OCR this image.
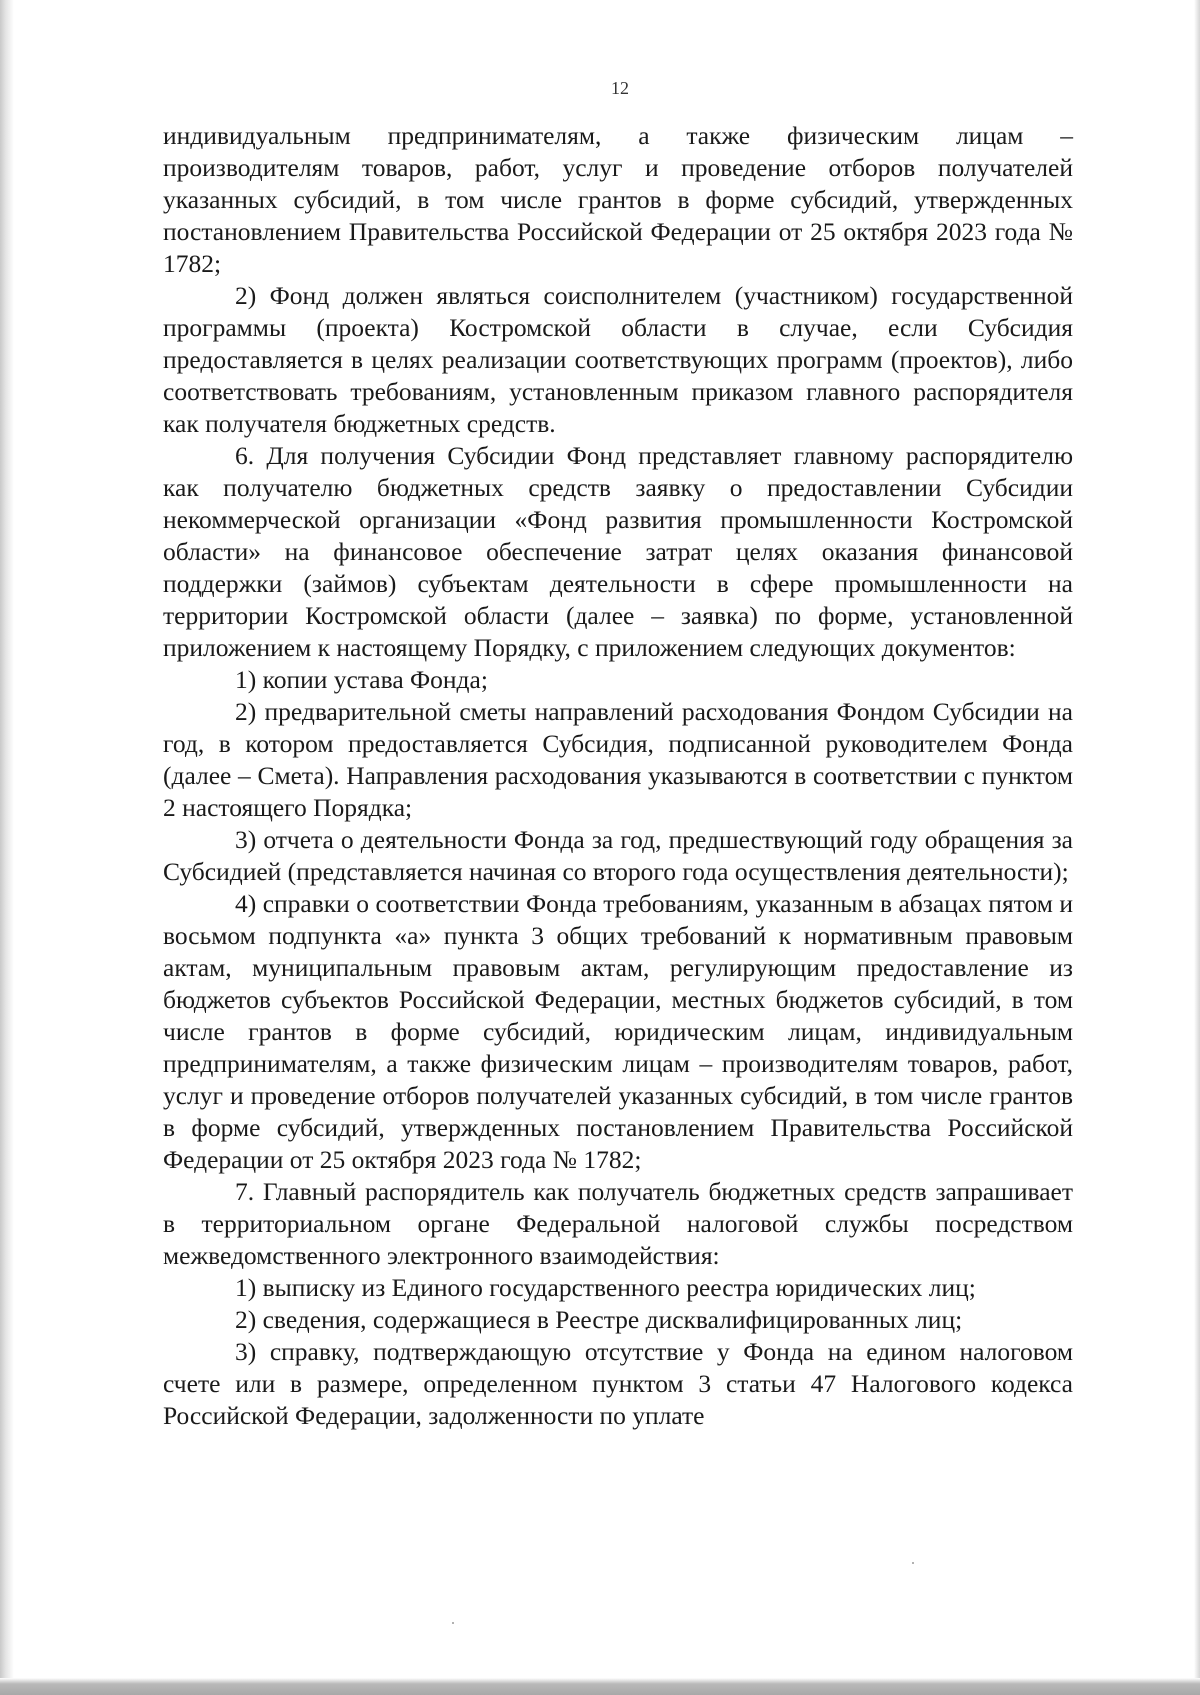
12

индивидуальным предпринимателям, а также физическим лицам – производителям товаров, работ, услуг и проведение отборов получателей указанных субсидий, в том числе грантов в форме субсидий, утвержденных постановлением Правительства Российской Федерации от 25 октября 2023 года № 1782;

2) Фонд должен являться соисполнителем (участником) государственной программы (проекта) Костромской области в случае, если Субсидия предоставляется в целях реализации соответствующих программ (проектов), либо соответствовать требованиям, установленным приказом главного распорядителя как получателя бюджетных средств.

6. Для получения Субсидии Фонд представляет главному распорядителю как получателю бюджетных средств заявку о предоставлении Субсидии некоммерческой организации «Фонд развития промышленности Костромской области» на финансовое обеспечение затрат целях оказания финансовой поддержки (займов) субъектам деятельности в сфере промышленности на территории Костромской области (далее – заявка) по форме, установленной приложением к настоящему Порядку, с приложением следующих документов:

1) копии устава Фонда;

2) предварительной сметы направлений расходования Фондом Субсидии на год, в котором предоставляется Субсидия, подписанной руководителем Фонда (далее – Смета). Направления расходования указываются в соответствии с пунктом 2 настоящего Порядка;

3) отчета о деятельности Фонда за год, предшествующий году обращения за Субсидией (представляется начиная со второго года осуществления деятельности);

4) справки о соответствии Фонда требованиям, указанным в абзацах пятом и восьмом подпункта «а» пункта 3 общих требований к нормативным правовым актам, муниципальным правовым актам, регулирующим предоставление из бюджетов субъектов Российской Федерации, местных бюджетов субсидий, в том числе грантов в форме субсидий, юридическим лицам, индивидуальным предпринимателям, а также физическим лицам – производителям товаров, работ, услуг и проведение отборов получателей указанных субсидий, в том числе грантов в форме субсидий, утвержденных постановлением Правительства Российской Федерации от 25 октября 2023 года № 1782;

7. Главный распорядитель как получатель бюджетных средств запрашивает в территориальном органе Федеральной налоговой службы посредством межведомственного электронного взаимодействия:

1) выписку из Единого государственного реестра юридических лиц;

2) сведения, содержащиеся в Реестре дисквалифицированных лиц;

3) справку, подтверждающую отсутствие у Фонда на едином налоговом счете или в размере, определенном пунктом 3 статьи 47 Налогового кодекса Российской Федерации, задолженности по уплате
